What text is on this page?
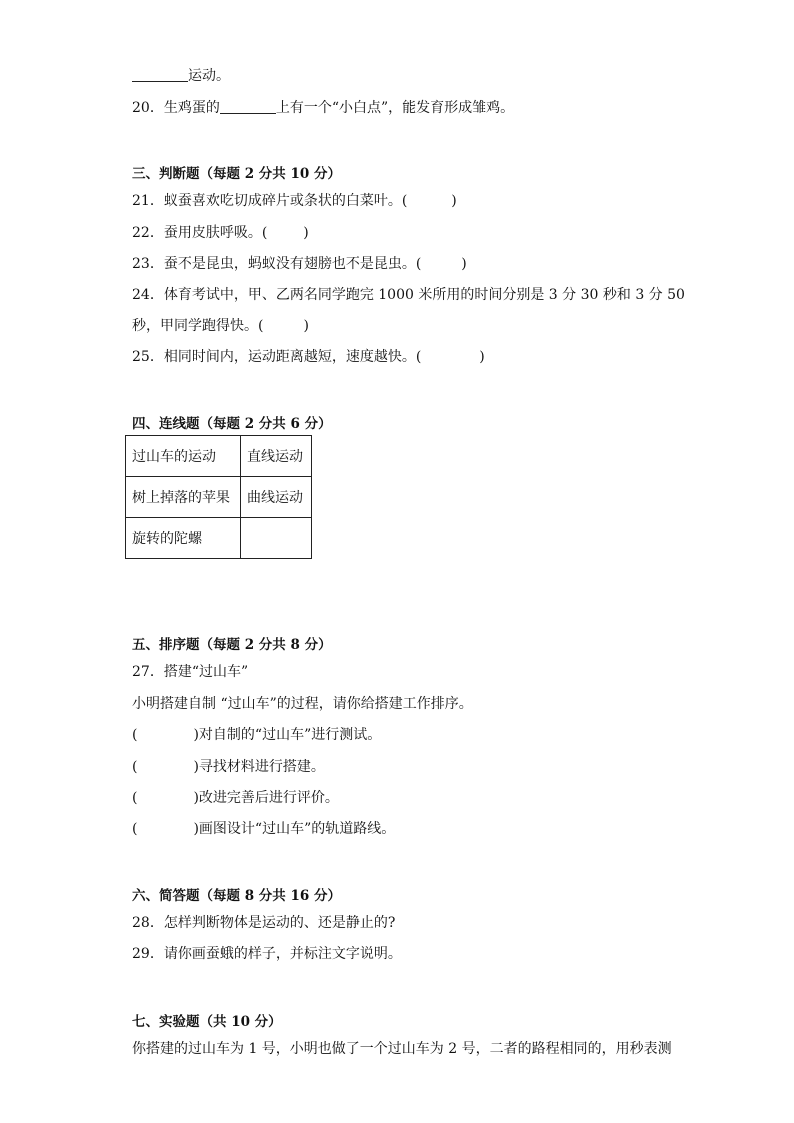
运动。
20．生鸡蛋的	上有一个“小白点”，能发育形成雏鸡。
三、判断题（每题 2 分共 10 分）
21．蚁蚕喜欢吃切成碎片或条状的白菜叶。(	)
22．蚕用皮肤呼吸。(	)
23．蚕不是昆虫，蚂蚁没有翅膀也不是昆虫。(	)
24．体育考试中，甲、乙两名同学跑完 1000 米所用的时间分别是 3 分 30 秒和 3 分 50
秒，甲同学跑得快。(	)
25．相同时间内，运动距离越短，速度越快。(	)
四、连线题（每题 2 分共 6 分）
过山车的运动	直线运动
树上掉落的苹果	曲线运动
旋转的陀螺	
五、排序题（每题 2 分共 8 分）
27．搭建“过山车”
小明搭建自制 “过山车”的过程，请你给搭建工作排序。
(	)对自制的“过山车”进行测试。
(	)寻找材料进行搭建。
(	)改进完善后进行评价。
(	)画图设计“过山车”的轨道路线。
六、简答题（每题 8 分共 16 分）
28．怎样判断物体是运动的、还是静止的?
29．请你画蚕蛾的样子，并标注文字说明。
七、实验题（共 10 分）
你搭建的过山车为 1 号，小明也做了一个过山车为 2 号，二者的路程相同的，用秒表测
